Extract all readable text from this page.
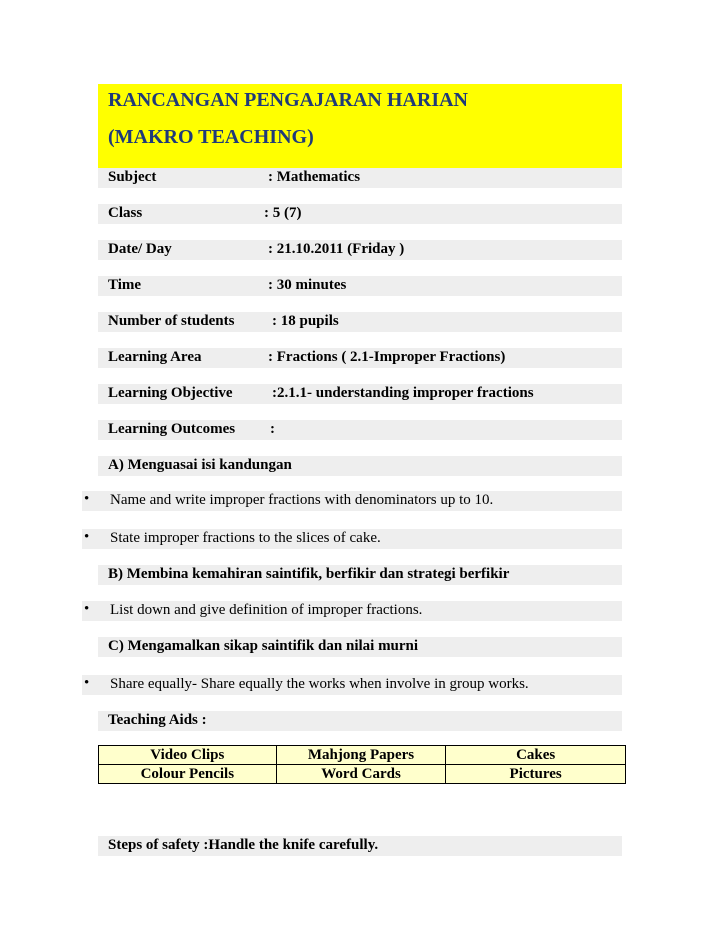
RANCANGAN PENGAJARAN HARIAN
(MAKRO TEACHING)
Subject	: Mathematics
Class	: 5 (7)
Date/ Day	: 21.10.2011 (Friday )
Time	: 30 minutes
Number of students	: 18 pupils
Learning Area	: Fractions ( 2.1-Improper Fractions)
Learning Objective	:2.1.1- understanding improper fractions
Learning Outcomes :
A) Menguasai isi kandungan
• Name and write improper fractions with denominators up to 10.
• State improper fractions to the slices of cake.
B) Membina kemahiran saintifik, berfikir dan strategi berfikir
• List down and give definition of improper fractions.
C) Mengamalkan sikap saintifik dan nilai murni
• Share equally- Share equally the works when involve in group works.
Teaching Aids :
Video Clips	Mahjong Papers	Cakes
Colour Pencils	Word Cards	Pictures
Steps of safety :Handle the knife carefully.
